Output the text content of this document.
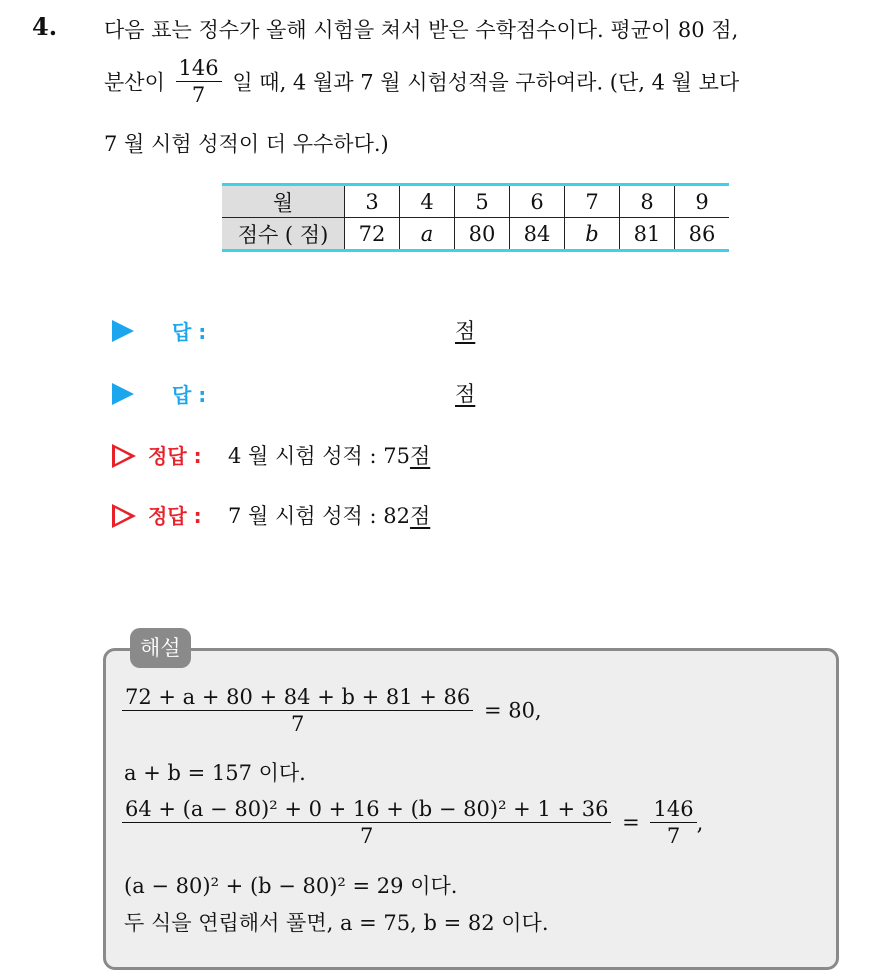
4. 다음 표는 정수가 올해 시험을 쳐서 받은 수학점수이다. 평균이 80 점,
분산이 $\frac{146}{7}$ 일 때, 4 월과 7 월 시험성적을 구하여라. (단, 4 월 보다
7 월 시험 성적이 더 우수하다.)
월	3	4	5	6	7	8	9
점수 ( 점)	72	a	80	84	b	81	86
답 :	점
답 :	점
정답 : 4 월 시험 성적 : 75점
정답 : 7 월 시험 성적 : 82점
해설
$\frac{72 + a + 80 + 84 + b + 81 + 86}{7} = 80$,
a + b = 157 이다.
$\frac{\text{64 + (a − 80)² + 0 + 16 + (b − 80)² + 1 + 36}}{7} = \frac{146}{7}$ ,
(a − 80)² + (b − 80)² = 29 이다.
두 식을 연립해서 풀면, a = 75, b = 82 이다.
